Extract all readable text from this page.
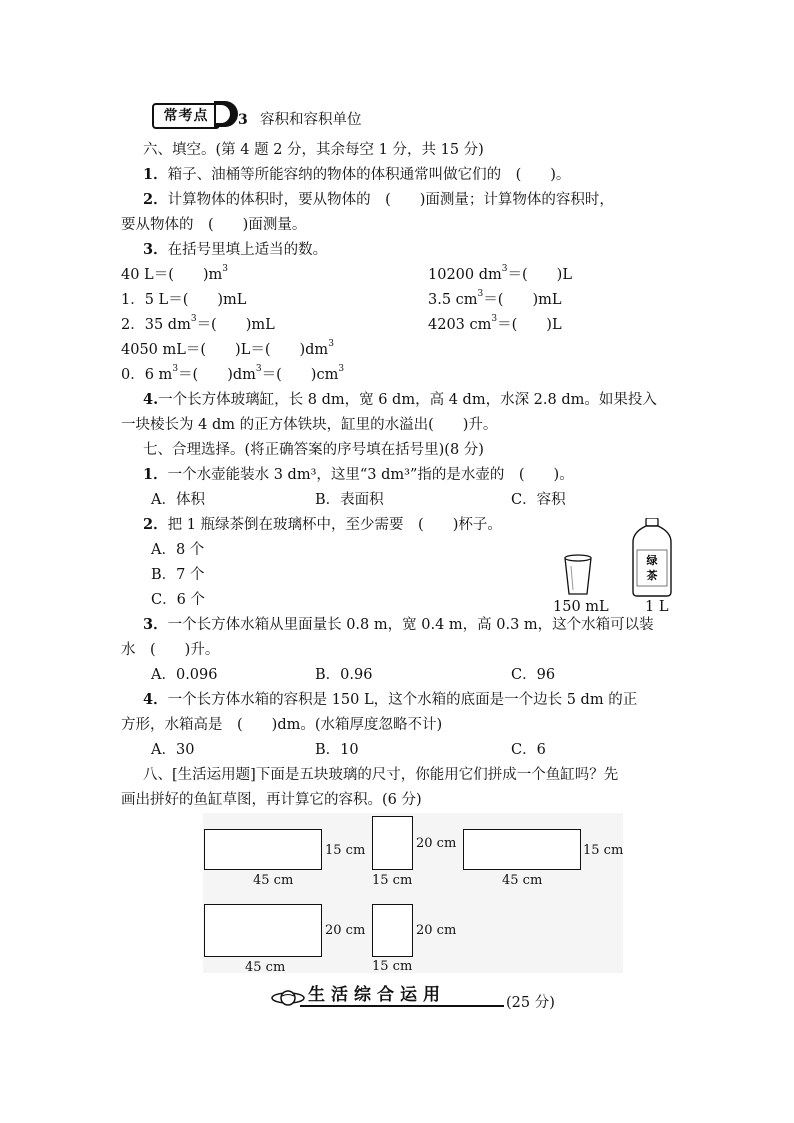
常考点	3 容积和容积单位
六、填空。(第 4 题 2 分，其余每空 1 分，共 15 分)
1．箱子、油桶等所能容纳的物体的体积通常叫做它们的　(　　)。
2．计算物体的体积时，要从物体的　(　　)面测量；计算物体的容积时，
要从物体的　(　　)面测量。
3．在括号里填上适当的数。
40 L＝(　　)$m^3$	10200 $dm^3=$(　　)L
1．5 L＝(　　)mL	3.5 $cm^3=$(　　)mL
2．35 $dm^3=$(　　)mL	4203 $cm^3=$(　　)L
4050 mL＝(　　)L＝(　　)$dm^3$
0．6 $m^3=$(　　)$dm^3=$(　　)$cm^3$
4.一个长方体玻璃缸，长 8 dm，宽 6 dm，高 4 dm，水深 2.8 dm。如果投入
一块棱长为 4 dm 的正方体铁块，缸里的水溢出(　　)升。
七、合理选择。(将正确答案的序号填在括号里)(8 分)
1．一个水壶能装水 3 dm³，这里“3 dm³”指的是水壶的　(　　)。
A．体积	B．表面积	C．容积
2．把 1 瓶绿茶倒在玻璃杯中，至少需要　(　　)杯子。
A．8 个
B．7 个
C．6 个
绿
茶
150 mL	1 L
3．一个长方体水箱从里面量长 0.8 m，宽 0.4 m，高 0.3 m，这个水箱可以装
水　(　　)升。
A．0.096	B．0.96	C．96
4．一个长方体水箱的容积是 150 L，这个水箱的底面是一个边长 5 dm 的正
方形，水箱高是　(　　)dm。(水箱厚度忽略不计)
A．30	B．10	C．6
八、[生活运用题]下面是五块玻璃的尺寸，你能用它们拼成一个鱼缸吗？先
画出拼好的鱼缸草图，再计算它的容积。(6 分)
15 cm
45 cm
20 cm
15 cm
15 cm
45 cm
20 cm
45 cm
20 cm
15 cm
生活综合运用	(25 分)
